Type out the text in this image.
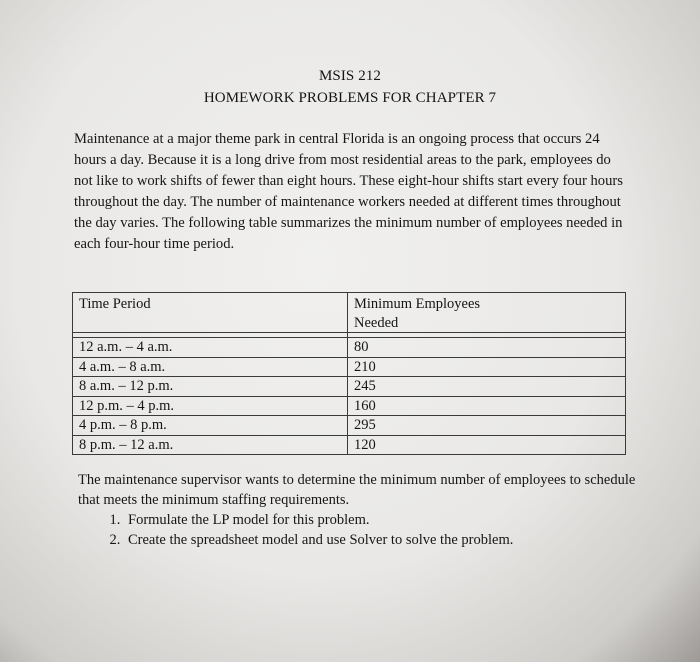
MSIS 212
HOMEWORK PROBLEMS FOR CHAPTER 7

Maintenance at a major theme park in central Florida is an ongoing process that occurs 24 hours a day. Because it is a long drive from most residential areas to the park, employees do not like to work shifts of fewer than eight hours. These eight-hour shifts start every four hours throughout the day. The number of maintenance workers needed at different times throughout the day varies. The following table summarizes the minimum number of employees needed in each four-hour time period.

Time Period	Minimum Employees
Needed

12 a.m. – 4 a.m.	80
4 a.m. – 8 a.m.	210
8 a.m. – 12 p.m.	245
12 p.m. – 4 p.m.	160
4 p.m. – 8 p.m.	295
8 p.m. – 12 a.m.	120

The maintenance supervisor wants to determine the minimum number of employees to schedule that meets the minimum staffing requirements.

1. Formulate the LP model for this problem.
2. Create the spreadsheet model and use Solver to solve the problem.
